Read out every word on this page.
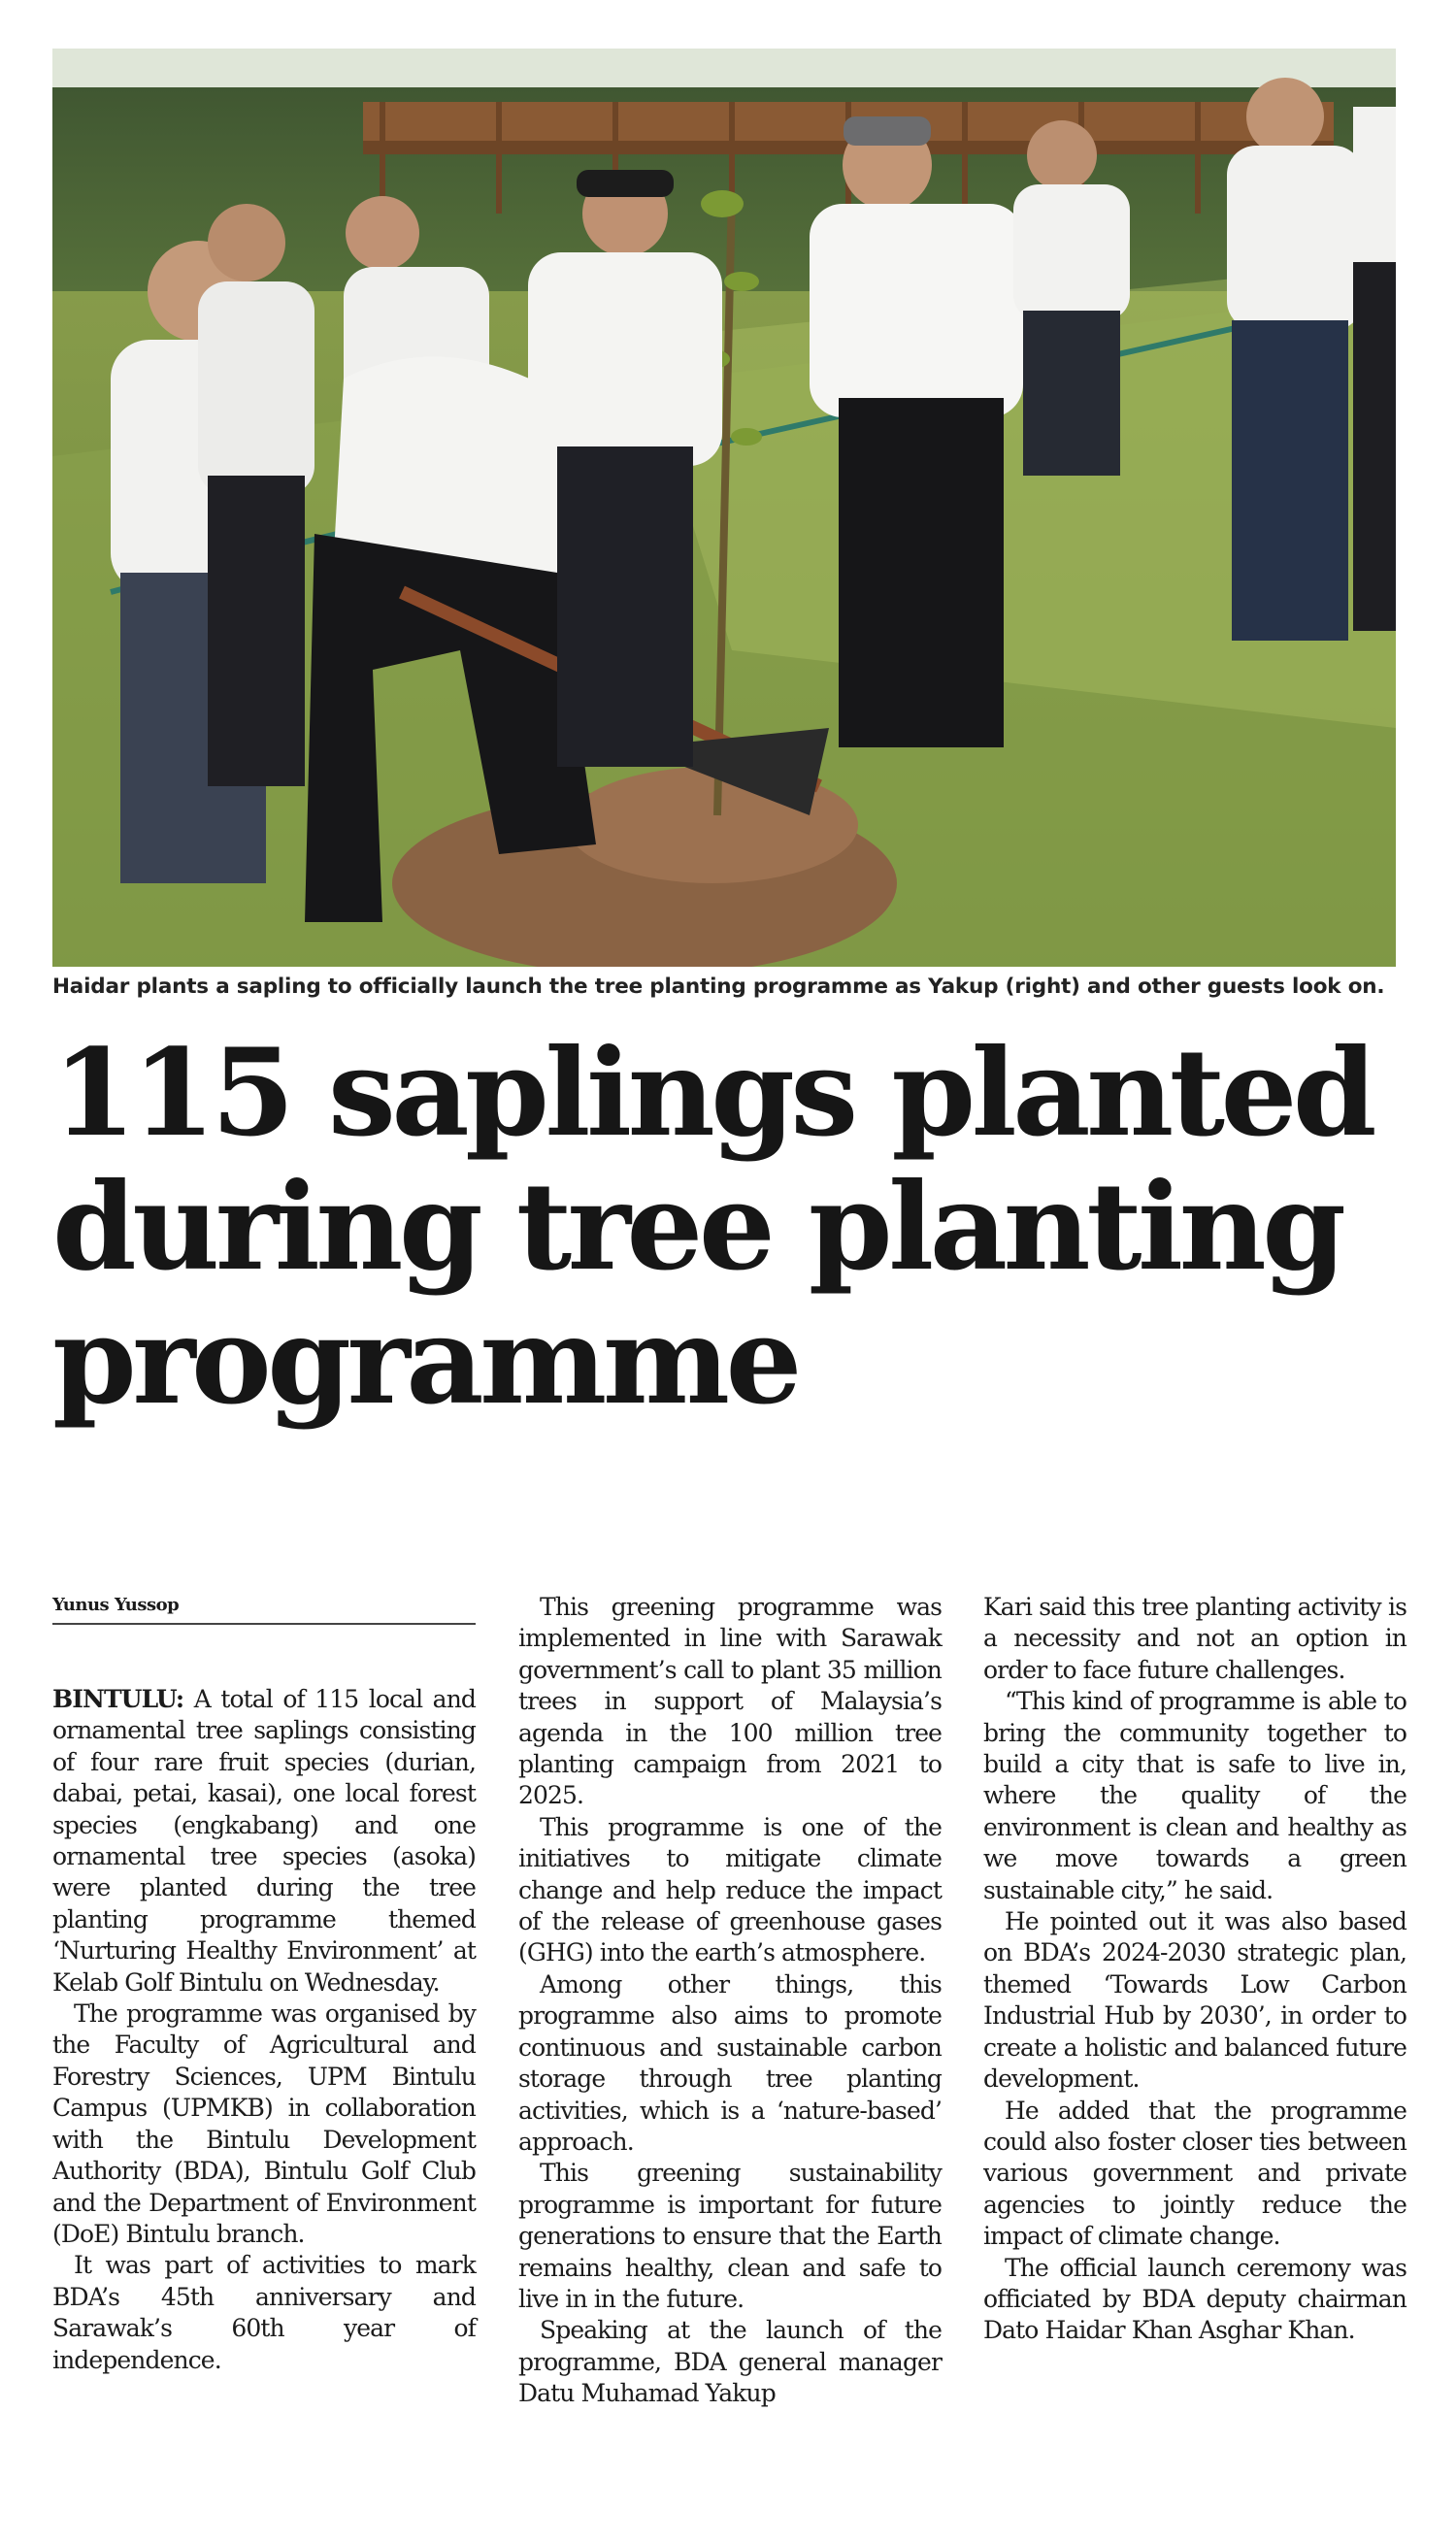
Haidar plants a sapling to officially launch the tree planting programme as Yakup (right) and other guests look on.
115 saplings planted
during tree planting
programme
Yunus Yussop

BINTULU: A total of 115 local and ornamental tree saplings consisting of four rare fruit species (durian, dabai, petai, kasai), one local forest species (engkabang) and one ornamental tree species (asoka) were planted during the tree planting programme themed ‘Nurturing Healthy Environment’ at Kelab Golf Bintulu on Wednesday.

The programme was organised by the Faculty of Agricultural and Forestry Sciences, UPM Bintulu Campus (UPMKB) in collaboration with the Bintulu Development Authority (BDA), Bintulu Golf Club and the Department of Environment (DoE) Bintulu branch.

It was part of activities to mark BDA’s 45th anniversary and Sarawak’s 60th year of independence.

This greening programme was implemented in line with Sarawak government’s call to plant 35 million trees in support of Malaysia’s agenda in the 100 million tree planting campaign from 2021 to 2025.

This programme is one of the initiatives to mitigate climate change and help reduce the impact of the release of greenhouse gases (GHG) into the earth’s atmosphere.

Among other things, this programme also aims to promote continuous and sustainable carbon storage through tree planting activities, which is a ‘nature-based’ approach.

This greening sustainability programme is important for future generations to ensure that the Earth remains healthy, clean and safe to live in in the future.

Speaking at the launch of the programme, BDA general manager Datu Muhamad Yakup

Kari said this tree planting activity is a necessity and not an option in order to face future challenges.

“This kind of programme is able to bring the community together to build a city that is safe to live in, where the quality of the environment is clean and healthy as we move towards a green sustainable city,” he said.

He pointed out it was also based on BDA’s 2024-2030 strategic plan, themed ‘Towards Low Carbon Industrial Hub by 2030’, in order to create a holistic and balanced future development.

He added that the programme could also foster closer ties between various government and private agencies to jointly reduce the impact of climate change.

The official launch ceremony was officiated by BDA deputy chairman Dato Haidar Khan Asghar Khan.
